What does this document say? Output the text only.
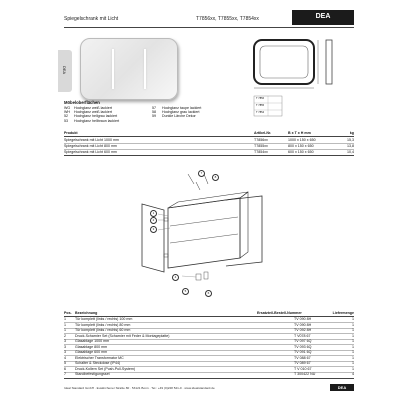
Spiegelschrank mit Licht	T7856xx, T7855xx, T7854xx	DEA
DEA
T 7856
T 7855
T 7854
Möbeloberflächen
WG Hochglanz weiß lackiert
WH Hochglanz weiß lackiert
52 Hochglanz hellgrau lackiert
53 Hochglanz hellbraun lackiert
57 Hochglanz taupe lackiert
58 Hochglanz grau lackiert
59 Dunkle Lärche Dekor
Produkt	Artikel-Nr.	B x T x H mm	kg
Spiegelschrank mit Licht 1000 mm	T7856xx	1000 x 150 x 650	15,3
Spiegelschrank mit Licht 800 mm	T7855xx	800 x 150 x 650	13,8
Spiegelschrank mit Licht 600 mm	T7854xx	600 x 150 x 650	10,4
1
2
3
4
5	6
7
8
Pos. Bezeichnung	Ersatzteil-Bestell-Nummer	Liefermenge
1	Tür komplett (links / rechts) 100 mm	TV 090 8H	1
1	Tür komplett (links / rechts) 80 mm	TV 090 8H	1
1	Tür komplett (links / rechts) 60 mm	TV 092 8H	1
2	Druck-Scharnier Set (Scharnier mit Feder & Montageplatte)	T V078 67	1
3	Glasablage 1000 mm	TV 097 6Q	1
3	Glasablage 800 mm	TV 093 6Q	1
3	Glasablage 600 mm	TV 091 6Q	1
4	Elektrischer Transformator MC	TV 088 67	1
5	Schalter & Steckdose (IP44)	TV 089 67	1
6	Druck-Kollern Set (Push-Pull-System)	T V 010 67	1
7	Standbefestigungsset	T 300422 NU	4
Ideal Standard GmbH · Euskirchener Straße 80 · 53121 Bonn · Tel.: +49 (0)228 521-0 · www.idealstandard.de	DEA
